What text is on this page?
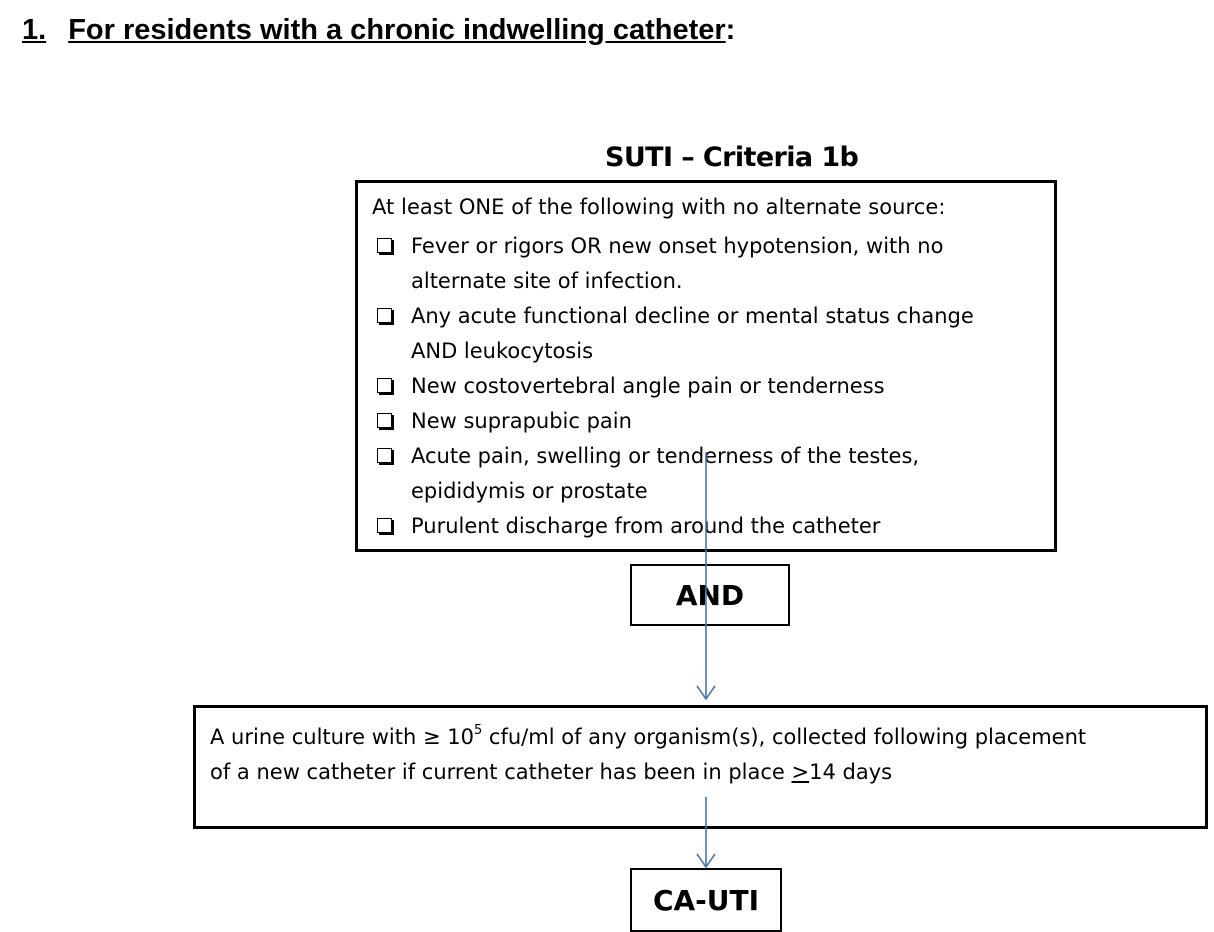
1. For residents with a chronic indwelling catheter:
SUTI – Criteria 1b
At least ONE of the following with no alternate source:
Fever or rigors OR new onset hypotension, with no
alternate site of infection.
Any acute functional decline or mental status change
AND leukocytosis
New costovertebral angle pain or tenderness
New suprapubic pain
Acute pain, swelling or tenderness of the testes,
epididymis or prostate
Purulent discharge from around the catheter
AND
A urine culture with ≥ $10^5$ cfu/ml of any organism(s), collected following placement
of a new catheter if current catheter has been in place >14 days
CA-UTI
